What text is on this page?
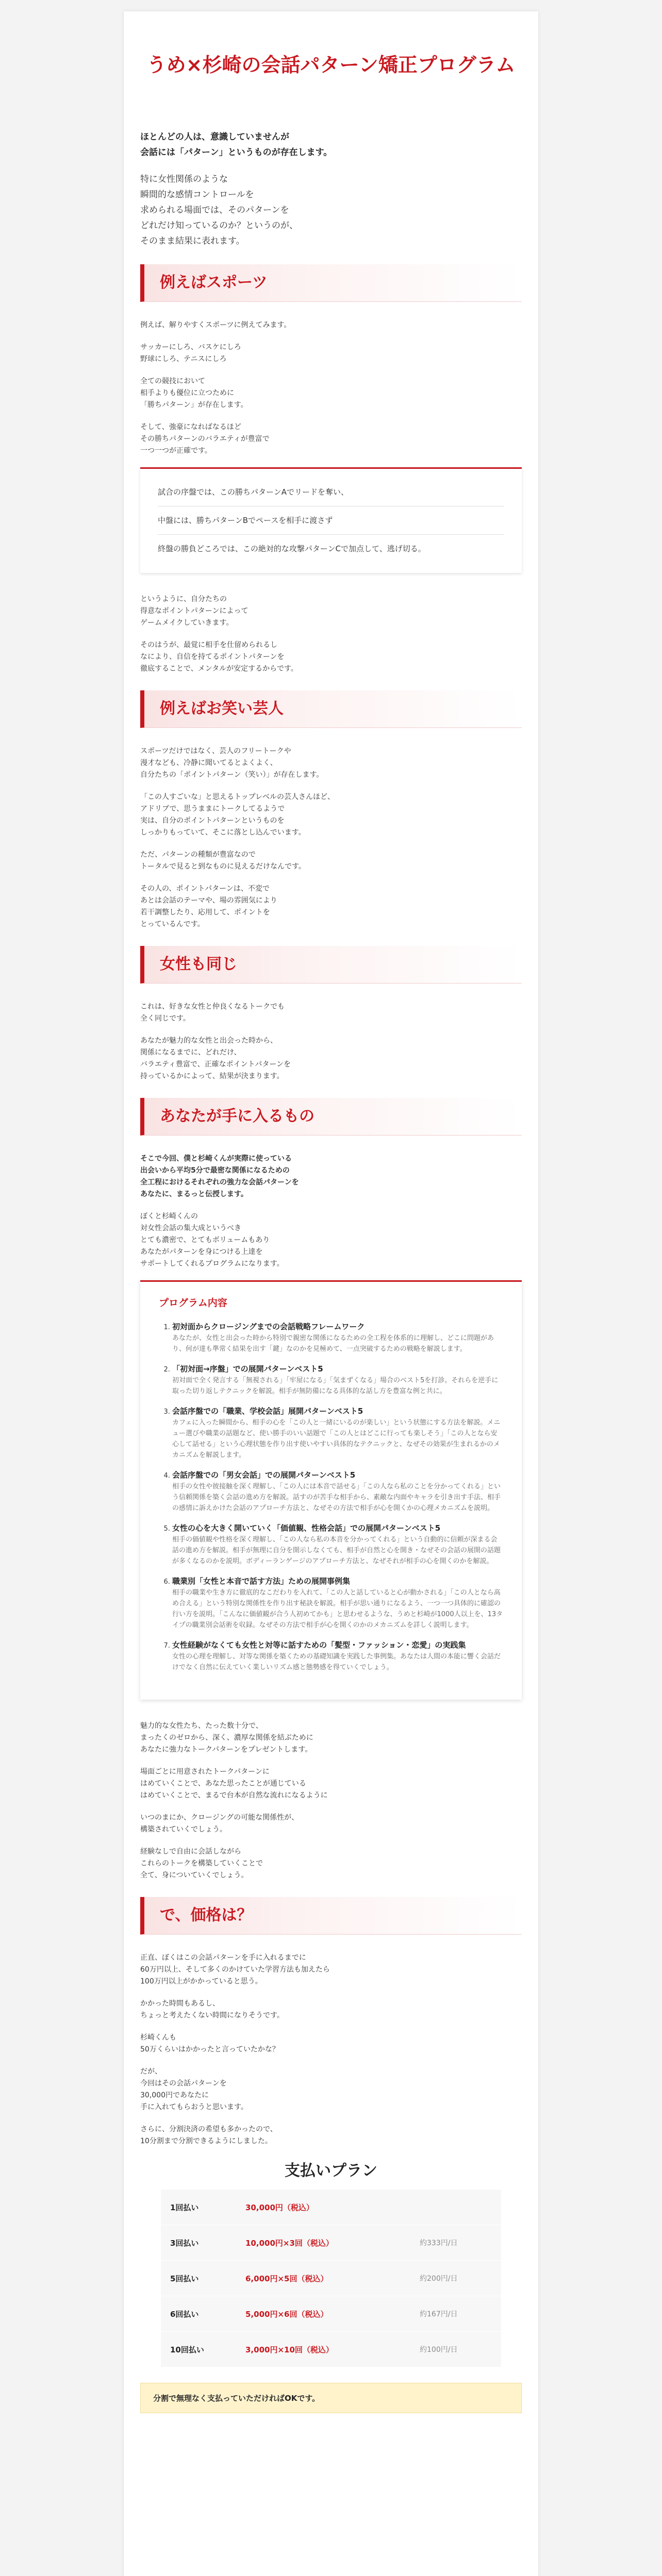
うめ×杉崎の会話パターン矯正プログラム
ほとんどの人は、意識していませんが
会話には「パターン」というものが存在します。
特に女性関係のような
瞬間的な感情コントロールを
求められる場面では、そのパターンを
どれだけ知っているのか？というのが、
そのまま結果に表れます。
例えばスポーツ
例えば、解りやすくスポーツに例えてみます。
サッカーにしろ、バスケにしろ
野球にしろ、テニスにしろ
全ての競技において
相手よりも優位に立つために
「勝ちパターン」が存在します。
そして、強豪になればなるほど
その勝ちパターンのバラエティが豊富で
一つ一つが正確です。
試合の序盤では、この勝ちパターンAでリードを奪い、
中盤には、勝ちパターンBでペースを相手に渡さず
終盤の勝負どころでは、この絶対的な攻撃パターンCで加点して、逃げ切る。
というように、自分たちの
得意なポイントパターンによって
ゲームメイクしていきます。
そのはうが、最覚に相手を仕留められるし
なにより、自信を持てるポイントパターンを
徹底することで、メンタルが安定するからです。
例えばお笑い芸人
スポーツだけではなく、芸人のフリートークや
漫才なども、冷静に聞いてるとよくよく、
自分たちの「ポイントパターン（笑い）」が存在します。
「この人すごいな」と思えるトップレベルの芸人さんほど、
アドリブで、思うままにトークしてるようで
実は、自分のポイントパターンというものを
しっかりもっていて、そこに落とし込んでいます。
ただ、パターンの種類が豊富なので
トータルで見ると到なものに見えるだけなんです。
その人の、ポイントパターンは、不変で
あとは会話のテーマや、場の雰囲気により
若干調整したり、応用して、ポイントを
とっているんです。
女性も同じ
これは、好きな女性と仲良くなるトークでも
全く同じです。
あなたが魅力的な女性と出会った時から、
関係になるまでに、どれだけ、
バラエティ豊富で、正確なポイントパターンを
持っているかによって、結果が決まります。
あなたが手に入るもの
そこで今回、僕と杉崎くんが実際に使っている
出会いから平均5分で最密な関係になるための
全工程におけるそれぞれの強力な会話パターンを
あなたに、まるっと伝授します。
ぼくと杉崎くんの
対女性会話の集大成というべき
とても濃密で、とてもボリュームもあり
あなたがパターンを身につける上達を
サポートしてくれるプログラムになります。
プログラム内容
1. 初対面からクロージングまでの会話戦略フレームワーク
あなたが、女性と出会った時から特別で親密な関係になるための全工程を体系的に理解し、どこに問題があり、何が達も準常く結果を出す「鍵」なのかを見極めて、一点突破するための戦略を解説します。
2. 「初対面→序盤」での展開パターンベスト5
初対面で全く発言する「無視される」「牢屋になる」「気まずくなる」場合のベスト5を打診。それらを逆手に取った切り返しテクニックを解説。相手が無防備になる具体的な話し方を豊富な例と共に。
3. 会話序盤での「職業、学校会話」展開パターンベスト5
カフェに入った瞬間から、相手の心を「この人と一緒にいるのが楽しい」という状態にする方法を解説。メニュー選びや職業の話題など、使い勝手のいい話題で「この人とはどこに行っても楽しそう」「この人となら安心して話せる」という心理状態を作り出す使いやすい具体的なテクニックと、なぜその効果が生まれるかのメカニズムを解説します。
4. 会話序盤での「男女会話」での展開パターンベスト5
相手の女性や彼接触を深く理解し、「この人には本音で話せる」「この人なら私のことを分かってくれる」という信頼関係を築く会話の進め方を解説。話すのが苦手な相手から、素敵な内面やキャラを引き出す手法、相手の感情に訴えかけた会話のアプローチ方法と、なぜその方法で相手が心を開くかの心理メカニズムを説明。
5. 女性の心を大きく開いていく「価値観、性格会話」での展開パターンベスト5
相手の価値観や性格を深く理解し、「この人なら私の本音を分かってくれる」という自動的に信頼が深まる会話の進め方を解説。相手が無理に自分を開示しなくても、相手が自然と心を開き・なぜその会話の展開の話題が多くなるのかを説明。ボディーランゲージのアプローチ方法と、なぜそれが相手の心を開くのかを解説。
6. 職業別「女性と本音で話す方法」ための展開事例集
相手の職業や生き方に徹底的なこだわりを入れて、「この人と話していると心が動かされる」「この人となら高め合える」という特別な関係性を作り出す秘訣を解説。相手が思い通りになるよう、一つ一つ具体的に確認の行い方を説明。「こんなに価値観が合う人初めてかも」と思わせるような、うめと杉崎が1000人以上を、13タイプの職業別会話術を収録。なぜその方法で相手が心を開くのかのメカニズムを詳しく説明します。
7. 女性経験がなくても女性と対等に話すための「髪型・ファッション・恋愛」の実践集
女性の心理を理解し、対等な関係を築くための基礎知識を実践した事例集。あなたは人間の本能に響く会話だけでなく自然に伝えていく業しいリズム感と態勢感を得ていくでしょう。
魅力的な女性たち、たった数十分で、
まったくのゼロから、深く、濃厚な関係を結ぶために
あなたに強力なトークパターンをプレゼントします。
場面ごとに用意されたトークパターンに
はめていくことで、あなた思ったことが通じている
はめていくことで、まるで台本が自然な流れになるように
いつのまにか、クロージングの可能な関係性が、
構築されていくでしょう。
経験なしで自由に会話しながら
これらのトークを構築していくことで
全て、身についていくでしょう。
で、価格は？
正直、ぼくはこの会話パターンを手に入れるまでに
60万円以上、そして多くのかけていた学習方法も加えたら
100万円以上がかかっていると思う。
かかった時間もあるし、
ちょっと考えたくない時間になりそうです。
杉崎くんも
50万くらいはかかったと言っていたかな？
だが、
今回はその会話パターンを
30,000円であなたに
手に入れてもらおうと思います。
さらに、分割決済の希望も多かったので、
10分割まで分割できるようにしました。
支払いプラン
1回払い	30,000円（税込）	
3回払い	10,000円×3回（税込）	約333円/日
5回払い	6,000円×5回（税込）	約200円/日
6回払い	5,000円×6回（税込）	約167円/日
10回払い	3,000円×10回（税込）	約100円/日
分割で無理なく支払っていただければOKです。
